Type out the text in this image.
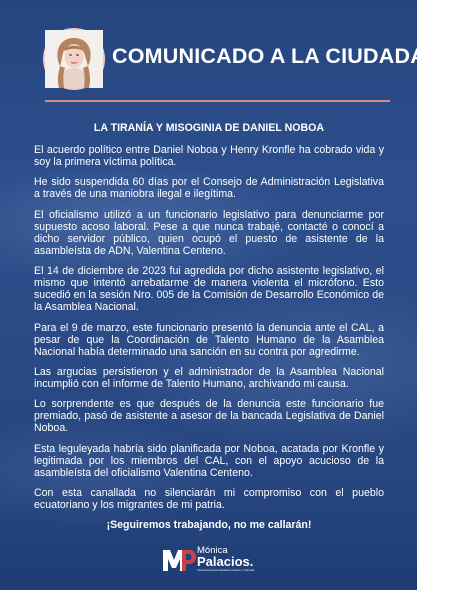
COMUNICADO A LA CIUDADANÍA
LA TIRANÍA Y MISOGINIA DE DANIEL NOBOA

El acuerdo político entre Daniel Noboa y Henry Kronfle ha cobrado vida y soy la primera víctima política.

He sido suspendida 60 días por el Consejo de Administración Legislativa a través de una maniobra ilegal e ilegítima.

El oficialismo utilizó a un funcionario legislativo para denunciarme por supuesto acoso laboral. Pese a que nunca trabajé, contacté o conocí a dicho servidor público, quien ocupó el puesto de asistente de la asambleísta de ADN, Valentina Centeno.

El 14 de diciembre de 2023 fui agredida por dicho asistente legislativo, el mismo que intentó arrebatarme de manera violenta el micrófono. Esto sucedió en la sesión Nro. 005 de la Comisión de Desarrollo Económico de la Asamblea Nacional.

Para el 9 de marzo, este funcionario presentó la denuncia ante el CAL, a pesar de que la Coordinación de Talento Humano de la Asamblea Nacional había determinado una sanción en su contra por agredirme.

Las argucias persistieron y el administrador de la Asamblea Nacional incumplió con el informe de Talento Humano, archivando mi causa.

Lo sorprendente es que después de la denuncia este funcionario fue premiado, pasó de asistente a asesor de la bancada Legislativa de Daniel Noboa.

Esta leguleyada habría sido planificada por Noboa, acatada por Kronfle y legitimada por los miembros del CAL, con el apoyo acucioso de la asambleísta del oficialismo Valentina Centeno.

Con esta canallada no silenciarán mi compromiso con el pueblo ecuatoriano y los migrantes de mi patria.

¡Seguiremos trabajando, no me callarán!
Mónica
Palacios.
Asambleísta por Estados Unidos y Canadá
